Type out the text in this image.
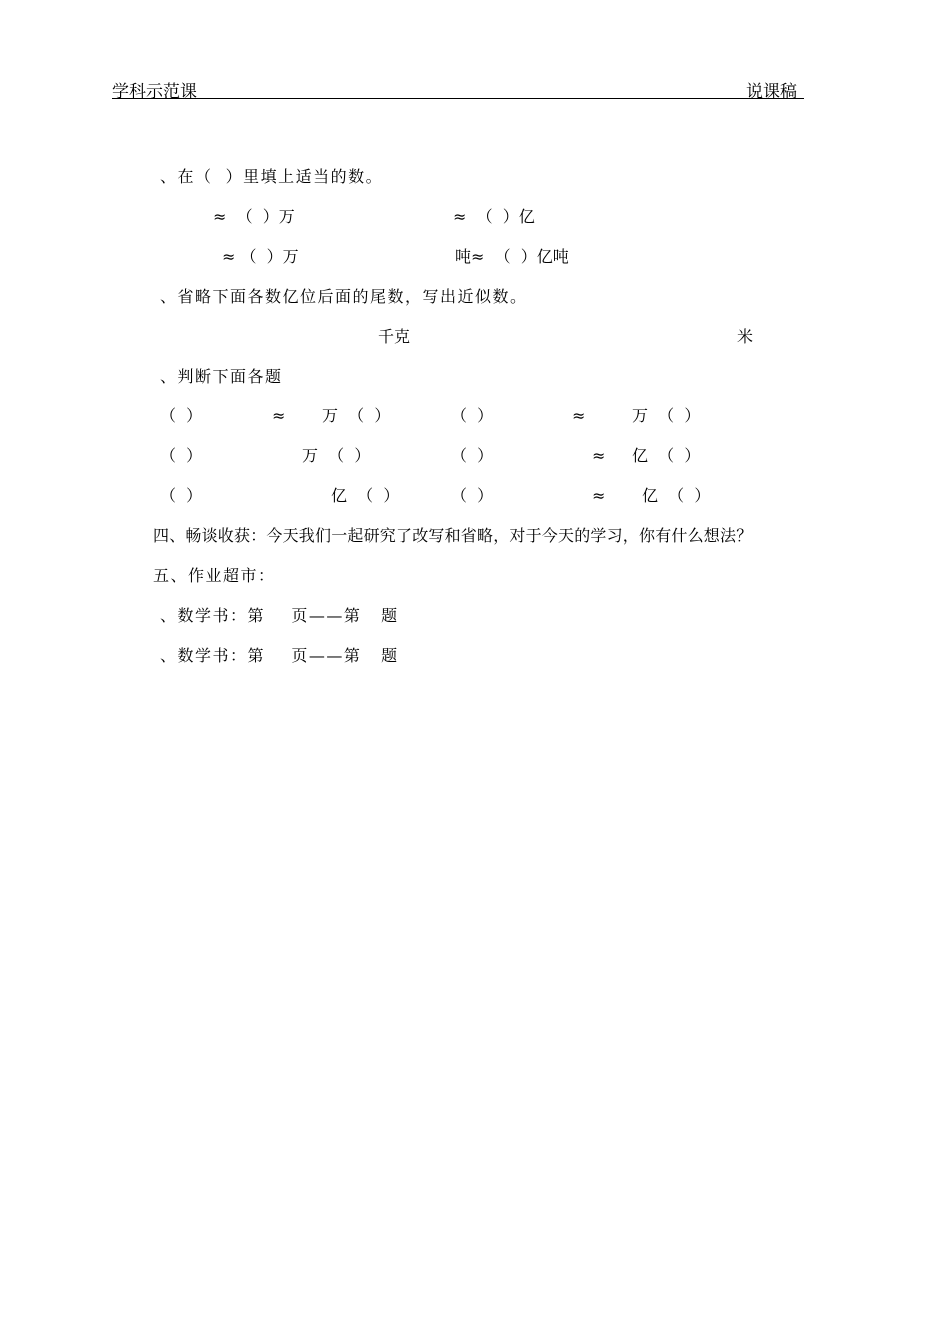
学科示范课	说课稿
、在（  ）里填上适当的数。
≈  （  ）万	≈  （  ）亿
≈ （  ）万	吨≈  （  ）亿吨
、省略下面各数亿位后面的尾数，写出近似数。
千克	米
、判断下面各题
（  ）	≈ 万  （  ）	（  ）	≈	万  （  ）
（  ）	万  （  ）	（  ）	≈ 亿  （  ）
（  ）	亿  （  ）	（  ）	≈ 亿  （  ）
四、畅谈收获：今天我们一起研究了改写和省略，对于今天的学习，你有什么想法？
五、作业超市：
、数学书：第    页——第   题
、数学书：第    页——第   题
